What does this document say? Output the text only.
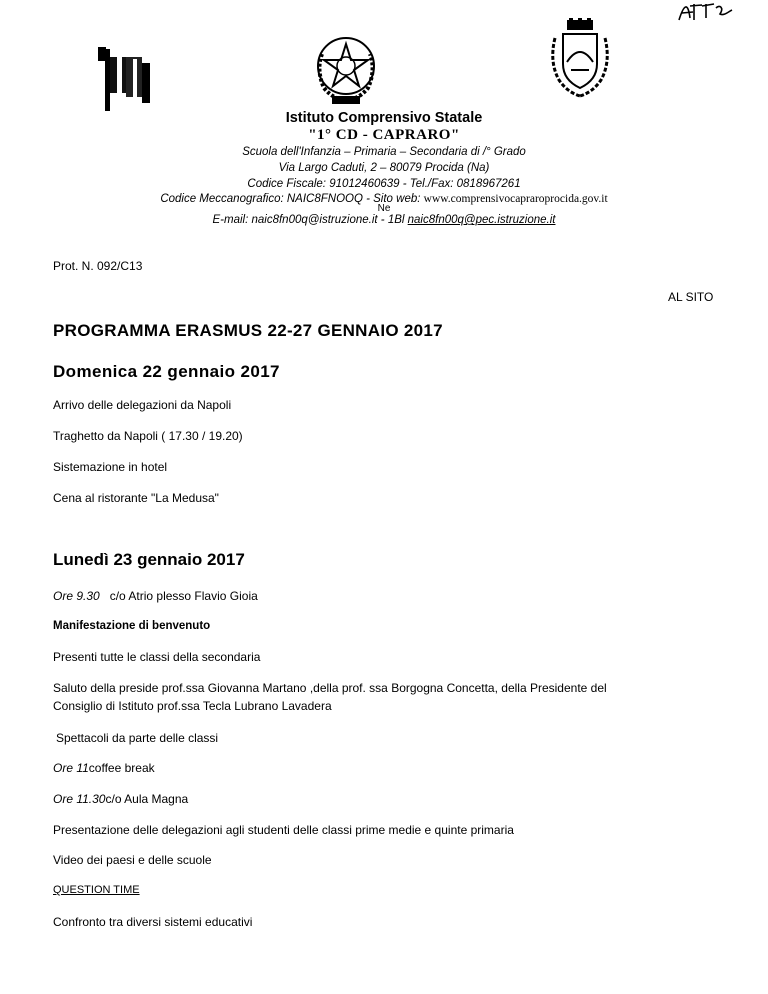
Istituto Comprensivo Statale
"1° CD - CAPRARO"
Scuola dell'Infanzia – Primaria – Secondaria di /° Grado
Via Largo Caduti, 2 – 80079 Procida (Na)
Codice Fiscale: 91012460639 - Tel./Fax: 0818967261
Codice Meccanografico: NAIC8FNOOQ - Sito web: www.comprensivocapraroprocida.gov.it
Ne
E-mail: naic8fn00q@istruzione.it - 1Bl naic8fn00q@pec.istruzione.it
Prot. N. 092/C13
AL SITO
PROGRAMMA ERASMUS 22-27 GENNAIO 2017
Domenica 22 gennaio 2017
Arrivo delle delegazioni da Napoli
Traghetto da Napoli ( 17.30 / 19.20)
Sistemazione in hotel
Cena al ristorante "La Medusa"
Lunedì 23 gennaio 2017
Ore 9.30 c/o Atrio plesso Flavio Gioia
Manifestazione di benvenuto
Presenti tutte le classi della secondaria
Saluto della preside prof.ssa Giovanna Martano ,della prof. ssa Borgogna Concetta, della Presidente del
Consiglio di Istituto prof.ssa Tecla Lubrano Lavadera
Spettacoli da parte delle classi
Ore 11coffee break
Ore 11.30c/o Aula Magna
Presentazione delle delegazioni agli studenti delle classi prime medie e quinte primaria
Video dei paesi e delle scuole
QUESTION TIME
Confronto tra diversi sistemi educativi
